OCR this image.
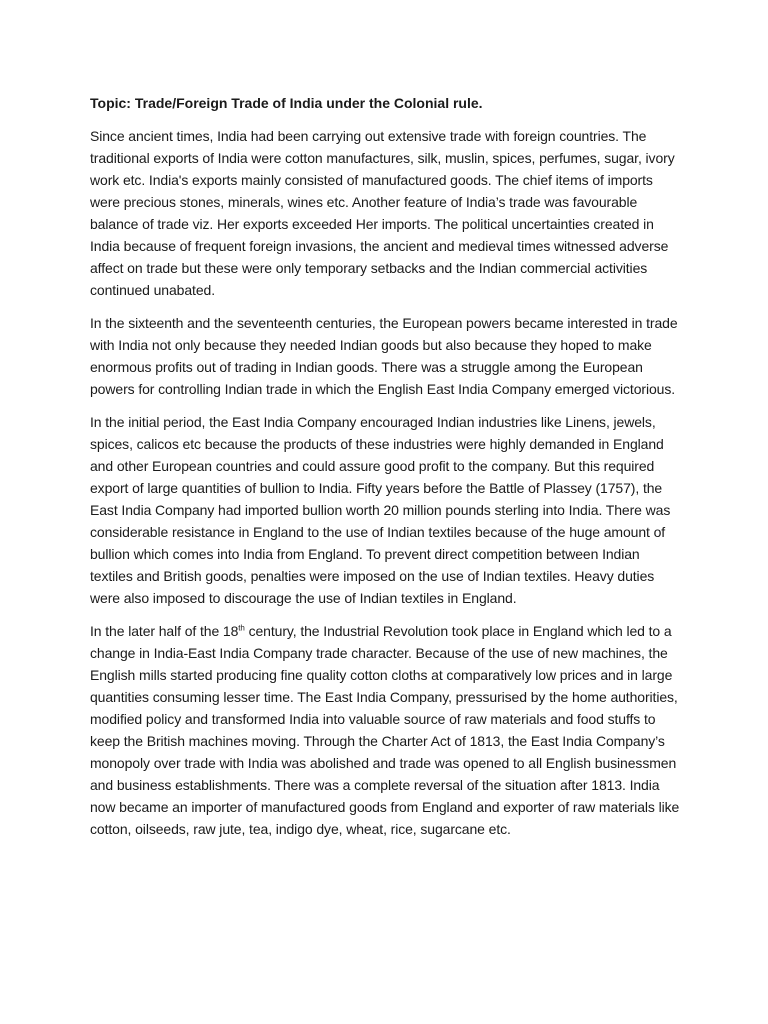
Topic: Trade/Foreign Trade of India under the Colonial rule.

Since ancient times, India had been carrying out extensive trade with foreign countries. The traditional exports of India were cotton manufactures, silk, muslin, spices, perfumes, sugar, ivory work etc. India's exports mainly consisted of manufactured goods. The chief items of imports were precious stones, minerals, wines etc. Another feature of India’s trade was favourable balance of trade viz. Her exports exceeded Her imports. The political uncertainties created in India because of frequent foreign invasions, the ancient and medieval times witnessed adverse affect on trade but these were only temporary setbacks and the Indian commercial activities continued unabated.

In the sixteenth and the seventeenth centuries, the European powers became interested in trade with India not only because they needed Indian goods but also because they hoped to make enormous profits out of trading in Indian goods. There was a struggle among the European powers for controlling Indian trade in which the English East India Company emerged victorious.

In the initial period, the East India Company encouraged Indian industries like Linens, jewels, spices, calicos etc because the products of these industries were highly demanded in England and other European countries and could assure good profit to the company. But this required export of large quantities of bullion to India. Fifty years before the Battle of Plassey (1757), the East India Company had imported bullion worth 20 million pounds sterling into India. There was considerable resistance in England to the use of Indian textiles because of the huge amount of bullion which comes into India from England. To prevent direct competition between Indian textiles and British goods, penalties were imposed on the use of Indian textiles. Heavy duties were also imposed to discourage the use of Indian textiles in England.

In the later half of the 18th century, the Industrial Revolution took place in England which led to a change in India-East India Company trade character. Because of the use of new machines, the English mills started producing fine quality cotton cloths at comparatively low prices and in large quantities consuming lesser time. The East India Company, pressurised by the home authorities, modified policy and transformed India into valuable source of raw materials and food stuffs to keep the British machines moving. Through the Charter Act of 1813, the East India Company’s monopoly over trade with India was abolished and trade was opened to all English businessmen and business establishments. There was a complete reversal of the situation after 1813. India now became an importer of manufactured goods from England and exporter of raw materials like cotton, oilseeds, raw jute, tea, indigo dye, wheat, rice, sugarcane etc.
